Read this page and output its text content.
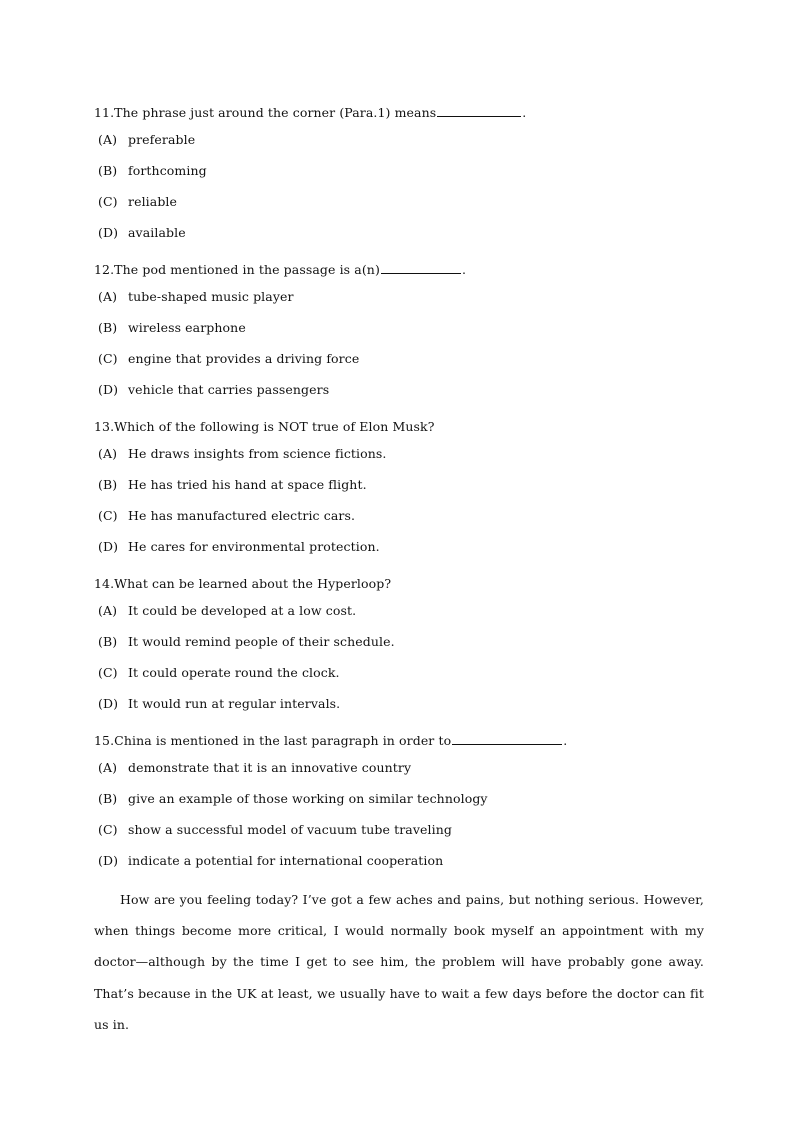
11.The phrase just around the corner (Para.1) means	.

(A) preferable

(B) forthcoming

(C) reliable

(D) available

12.The pod mentioned in the passage is a(n)	.

(A) tube-shaped music player

(B) wireless earphone

(C) engine that provides a driving force

(D) vehicle that carries passengers

13.Which of the following is NOT true of Elon Musk?

(A) He draws insights from science fictions.

(B) He has tried his hand at space flight.

(C) He has manufactured electric cars.

(D) He cares for environmental protection.

14.What can be learned about the Hyperloop?

(A) It could be developed at a low cost.

(B) It would remind people of their schedule.

(C) It could operate round the clock.

(D) It would run at regular intervals.

15.China is mentioned in the last paragraph in order to	.

(A) demonstrate that it is an innovative country

(B) give an example of those working on similar technology

(C) show a successful model of vacuum tube traveling

(D) indicate a potential for international cooperation

How are you feeling today? I’ve got a few aches and pains, but nothing serious. However, when things become more critical, I would normally book myself an appointment with my doctor—although by the time I get to see him, the problem will have probably gone away. That’s because in the UK at least, we usually have to wait a few days before the doctor can fit us in.
